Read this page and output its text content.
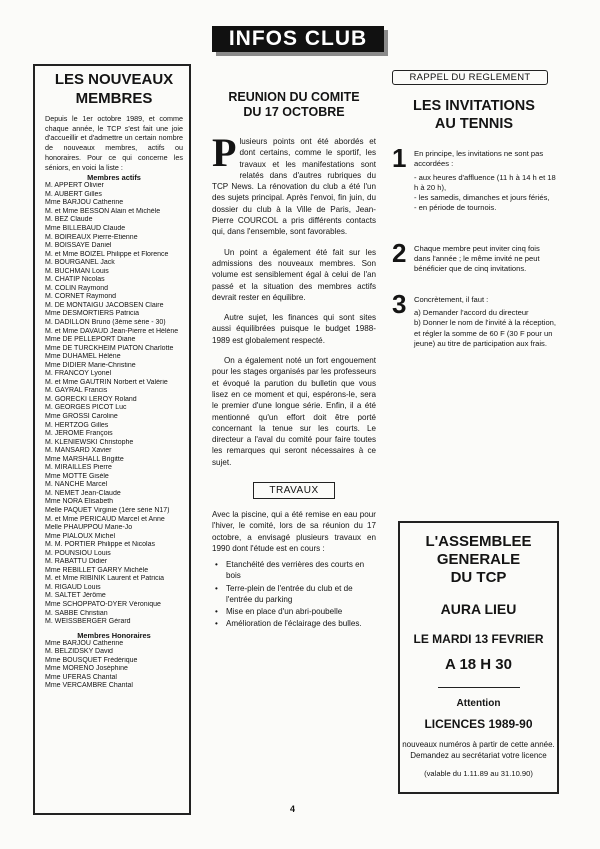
INFOS CLUB
LES NOUVEAUX
MEMBRES
Depuis le 1er octobre 1989, et comme chaque année, le TCP s'est fait une joie d'accueillir et d'admettre un certain nombre de nouveaux membres, actifs ou honoraires. Pour ce qui concerne les séniors, en voici la liste :
Membres actifs
M. APPERT Olivier
M. AUBERT Gilles
Mme BARJOU Catherine
M. et Mme BESSON Alain et Michèle
M. BEZ Claude
Mme BILLEBAUD Claude
M. BOIREAUX Pierre-Etienne
M. BOISSAYE Daniel
M. et Mme BOIZEL Philippe et Florence
M. BOURGANEL Jack
M. BUCHMAN Louis
M. CHATIP Nicolas
M. COLIN Raymond
M. CORNET Raymond
M. DE MONTAIGU JACOBSEN Claire
Mme DESMORTIERS Patricia
M. DADILLON Bruno (3ème série - 30)
M. et Mme DAVAUD Jean-Pierre et Hélène
Mme DE PELLEPORT Diane
Mme DE TURCKHEIM PIATON Charlotte
Mme DUHAMEL Hélène
Mme DIDIER Marie-Christine
M. FRANCOY Lyonel
M. et Mme GAUTRIN Norbert et Valérie
M. GAYRAL Francis
M. GORECKI LEROY Roland
M. GEORGES PICOT Luc
Mme GROSSI Caroline
M. HERTZOG Gilles
M. JEROME François
M. KLENIEWSKI Christophe
M. MANSARD Xavier
Mme MARSHALL Brigitte
M. MIRAILLES Pierre
Mme MOTTE Gisèle
M. NANCHE Marcel
M. NEMET Jean-Claude
Mme NORA Elisabeth
Melle PAQUET Virginie (1ère série N17)
M. et Mme PERICAUD Marcel et Anne
Melle PHAUPPOU Marie-Jo
Mme PIALOUX Michel
M. M. PORTIER Philippe et Nicolas
M. POUNSIOU Louis
M. RABATTU Didier
Mme REBILLET GARRY Michèle
M. et Mme RIBINIK Laurent et Patricia
M. RIGAUD Louis
M. SALTET Jérôme
Mme SCHOPPATO-DYER Véronique
M. SABBE Christian
M. WEISSBERGER Gérard
Membres Honoraires
Mme BARJOU Catherine
M. BELZIDSKY David
Mme BOUSQUET Frédérique
Mme MORENO Joséphine
Mme UFERAS Chantal
Mme VERCAMBRE Chantal
REUNION DU COMITE
DU 17 OCTOBRE

Plusieurs points ont été abordés et dont certains, comme le sportif, les travaux et les manifestations sont relatés dans d'autres rubriques du TCP News. La rénovation du club a été l'un des sujets principal. Après l'envoi, fin juin, du dossier du club à la Ville de Paris, Jean-Pierre COURCOL a pris différents contacts qui, dans l'ensemble, sont favorables.

Un point a également été fait sur les admissions des nouveaux membres. Son volume est sensiblement égal à celui de l'an passé et la situation des membres actifs devrait rester en équilibre.

Autre sujet, les finances qui sont sites aussi équilibrées puisque le budget 1988-1989 est globalement respecté.

On a également noté un fort engouement pour les stages organisés par les professeurs et évoqué la parution du bulletin que vous lisez en ce moment et qui, espérons-le, sera le premier d'une longue série. Enfin, il a été mentionné qu'un effort doit être porté concernant la tenue sur les courts. Le directeur a l'aval du comité pour faire toutes les remarques qui seront nécessaires à ce sujet.

TRAVAUX

Avec la piscine, qui a été remise en eau pour l'hiver, le comité, lors de sa réunion du 17 octobre, a envisagé plusieurs travaux en 1990 dont l'étude est en cours :

• Etanchéité des verrières des courts en bois
• Terre-plein de l'entrée du club et de l'entrée du parking
• Mise en place d'un abri-poubelle
• Amélioration de l'éclairage des bulles.
RAPPEL DU REGLEMENT
LES INVITATIONS
AU TENNIS
1 En principe, les invitations ne sont pas accordées :
- aux heures d'affluence (11 h à 14 h et 18 h à 20 h),
- les samedis, dimanches et jours fériés,
- en période de tournois.
2 Chaque membre peut inviter cinq fois dans l'année ; le même invité ne peut bénéficier que de cinq invitations.
3 Concrètement, il faut :
a) Demander l'accord du directeur
b) Donner le nom de l'invité à la réception, et régler la somme de 60 F (30 F pour un jeune) au titre de participation aux frais.
L'ASSEMBLEE
GENERALE
DU TCP
AURA LIEU
LE MARDI 13 FEVRIER
A 18 H 30
Attention
LICENCES 1989-90
nouveaux numéros à partir de cette année. Demandez au secrétariat votre licence
(valable du 1.11.89 au 31.10.90)
4
